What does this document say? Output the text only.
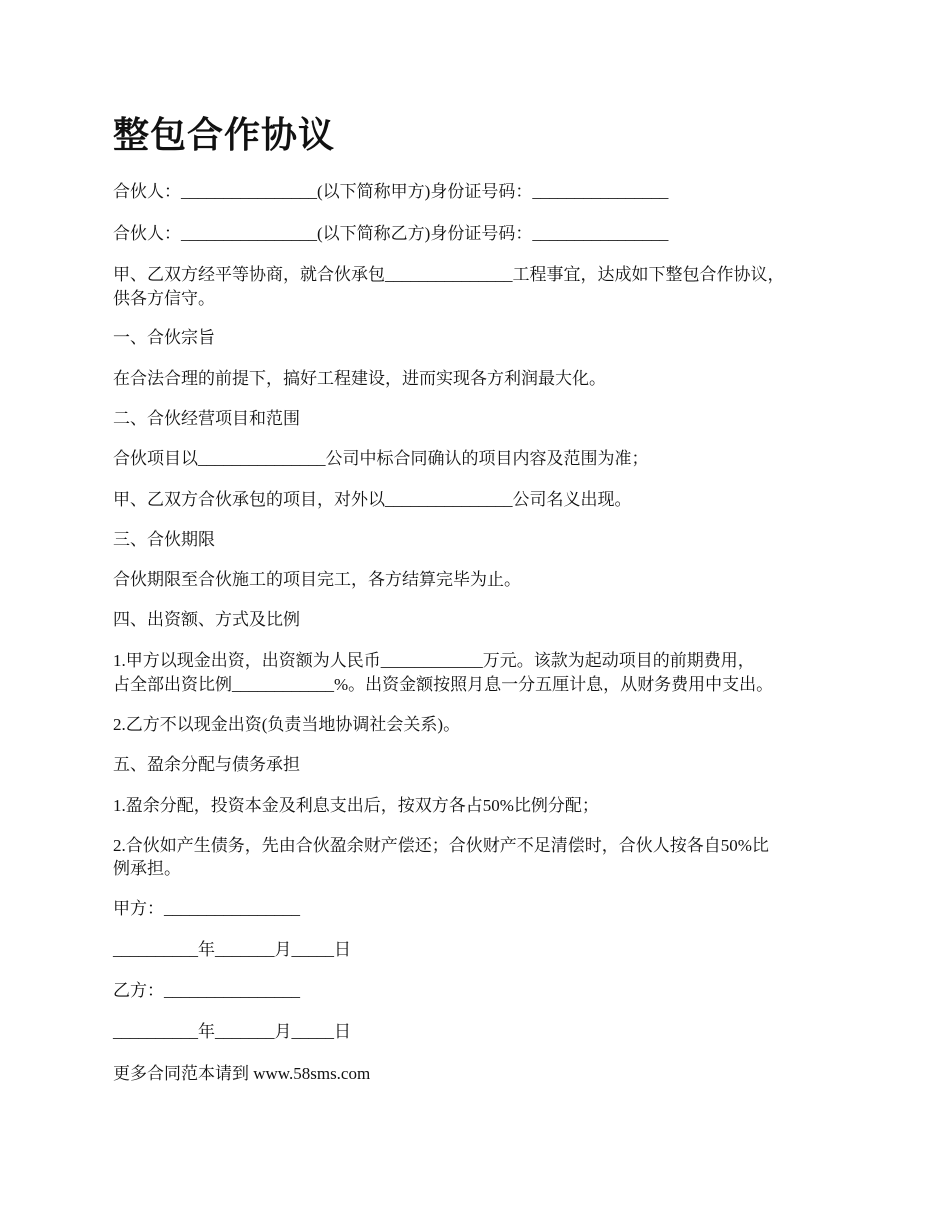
整包合作协议

合伙人：________________(以下简称甲方)身份证号码：________________

合伙人：________________(以下简称乙方)身份证号码：________________

甲、乙双方经平等协商，就合伙承包_______________工程事宜，达成如下整包合作协议，

供各方信守。

一、合伙宗旨

在合法合理的前提下，搞好工程建设，进而实现各方利润最大化。

二、合伙经营项目和范围

合伙项目以_______________公司中标合同确认的项目内容及范围为准；

甲、乙双方合伙承包的项目，对外以_______________公司名义出现。

三、合伙期限

合伙期限至合伙施工的项目完工，各方结算完毕为止。

四、出资额、方式及比例

1.甲方以现金出资，出资额为人民币____________万元。该款为起动项目的前期费用，

占全部出资比例____________%。出资金额按照月息一分五厘计息，从财务费用中支出。

2.乙方不以现金出资(负责当地协调社会关系)。

五、盈余分配与债务承担

1.盈余分配，投资本金及利息支出后，按双方各占50%比例分配；

2.合伙如产生债务，先由合伙盈余财产偿还；合伙财产不足清偿时，合伙人按各自50%比

例承担。

甲方：________________

__________年_______月_____日

乙方：________________

__________年_______月_____日

更多合同范本请到 www.58sms.com
